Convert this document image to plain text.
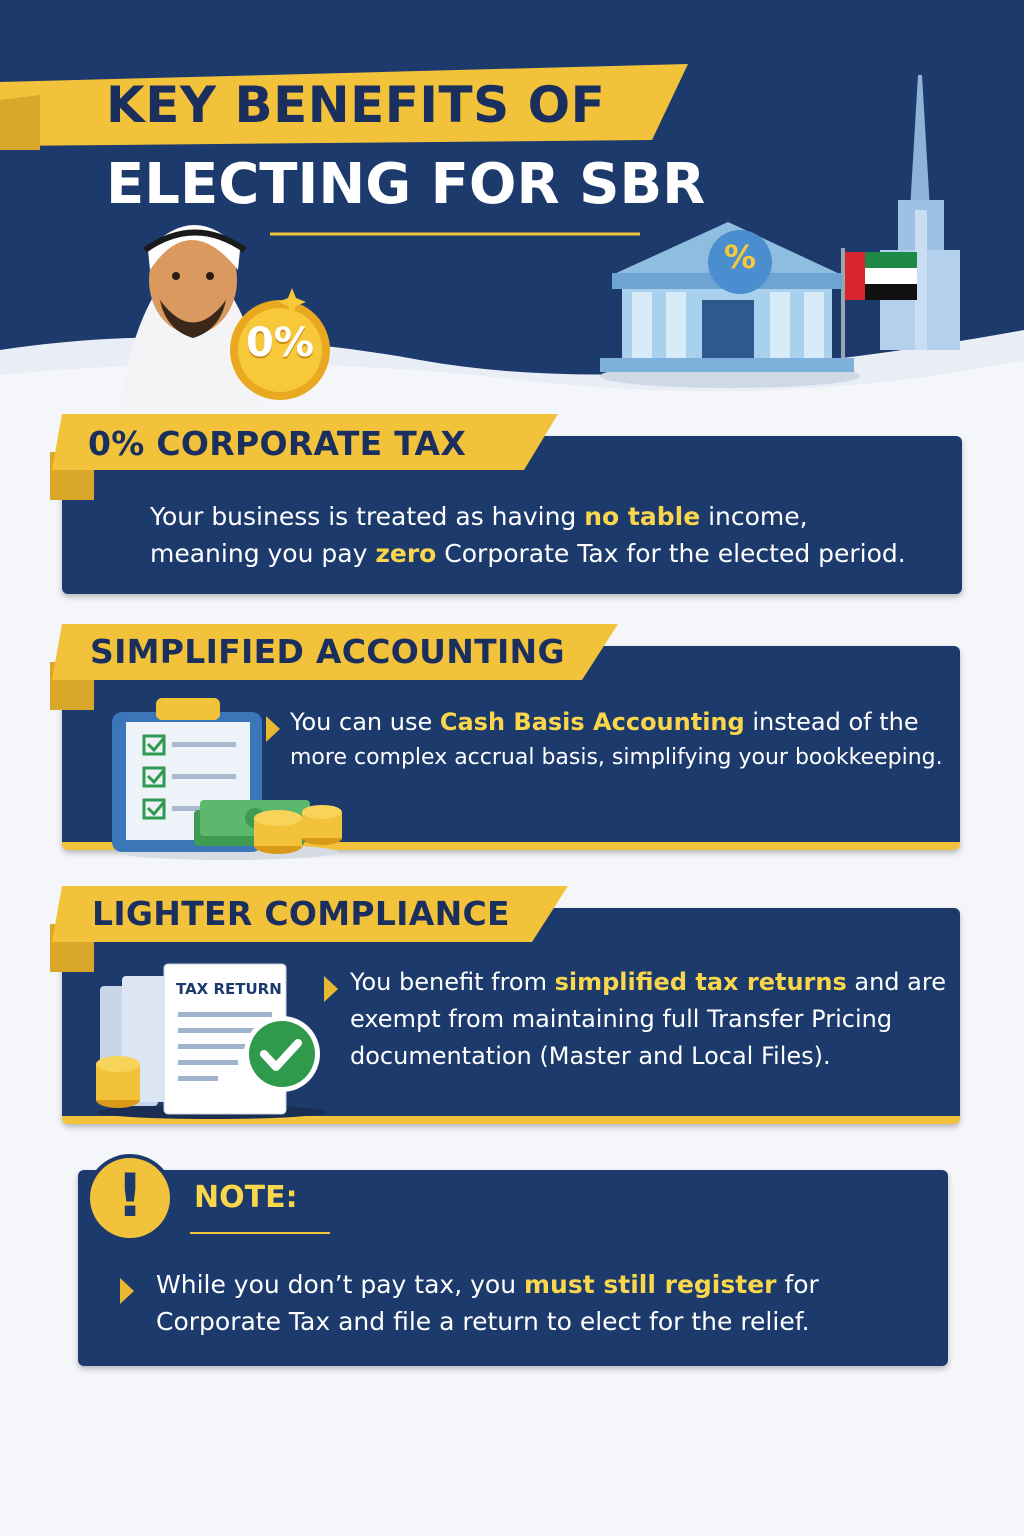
%
0%
KEY BENEFITS OF
ELECTING FOR SBR
0% CORPORATE TAX
Your business is treated as having no table income,
meaning you pay zero Corporate Tax for the elected period.
SIMPLIFIED ACCOUNTING
You can use Cash Basis Accounting instead of the
more complex accrual basis, simplifying your bookkeeping.
LIGHTER COMPLIANCE
TAX RETURN	You benefit from simplified tax returns and are
exempt from maintaining full Transfer Pricing
documentation (Master and Local Files).
!	NOTE:
While you don’t pay tax, you must still register for
Corporate Tax and file a return to elect for the relief.
